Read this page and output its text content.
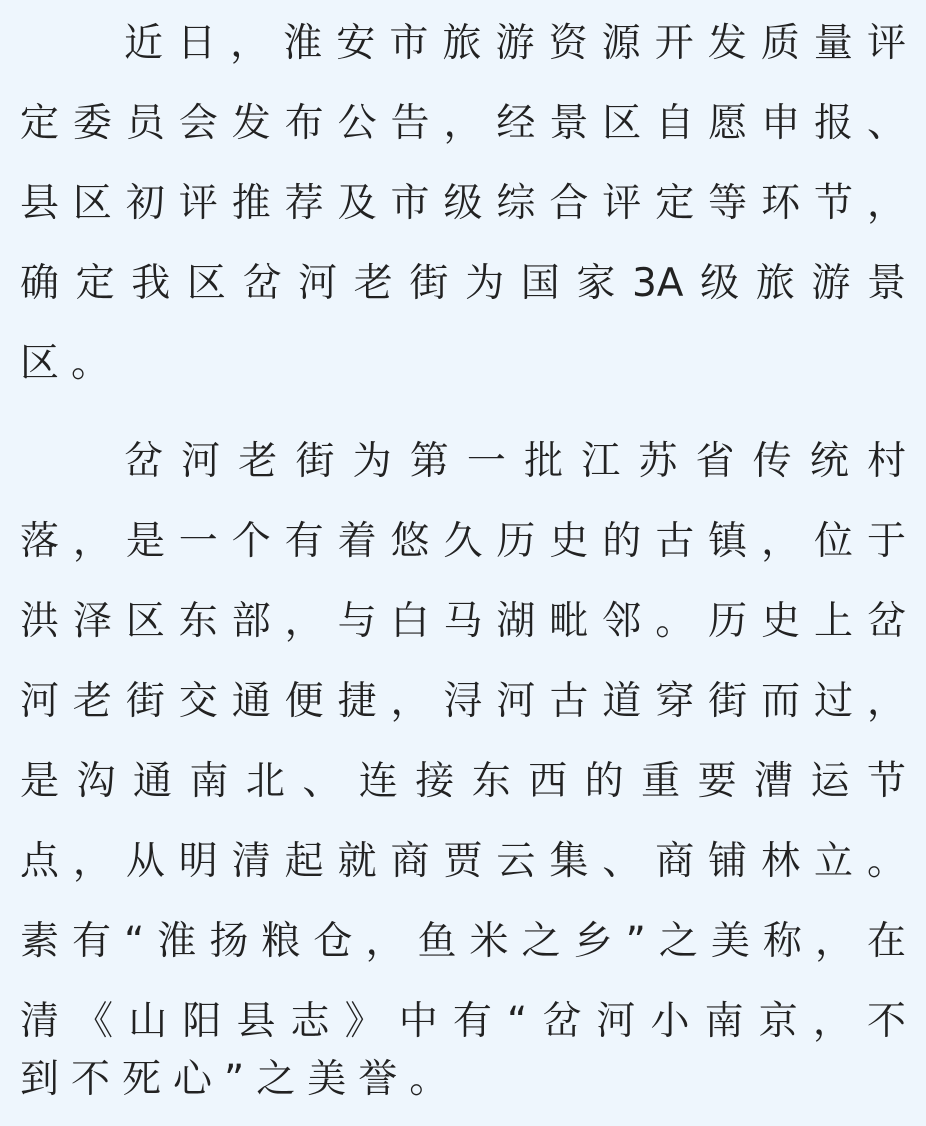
近日，淮安市旅游资源开发质量评
定委员会发布公告，经景区自愿申报、
县区初评推荐及市级综合评定等环节，
确定我区岔河老街为国家3A级旅游景
区。
岔河老街为第一批江苏省传统村
落，是一个有着悠久历史的古镇，位于
洪泽区东部，与白马湖毗邻。历史上岔
河老街交通便捷，浔河古道穿街而过，
是沟通南北、连接东西的重要漕运节
点，从明清起就商贾云集、商铺林立。
素有“淮扬粮仓，鱼米之乡”之美称，在
清《山阳县志》中有“岔河小南京，不
到不死心”之美誉。
